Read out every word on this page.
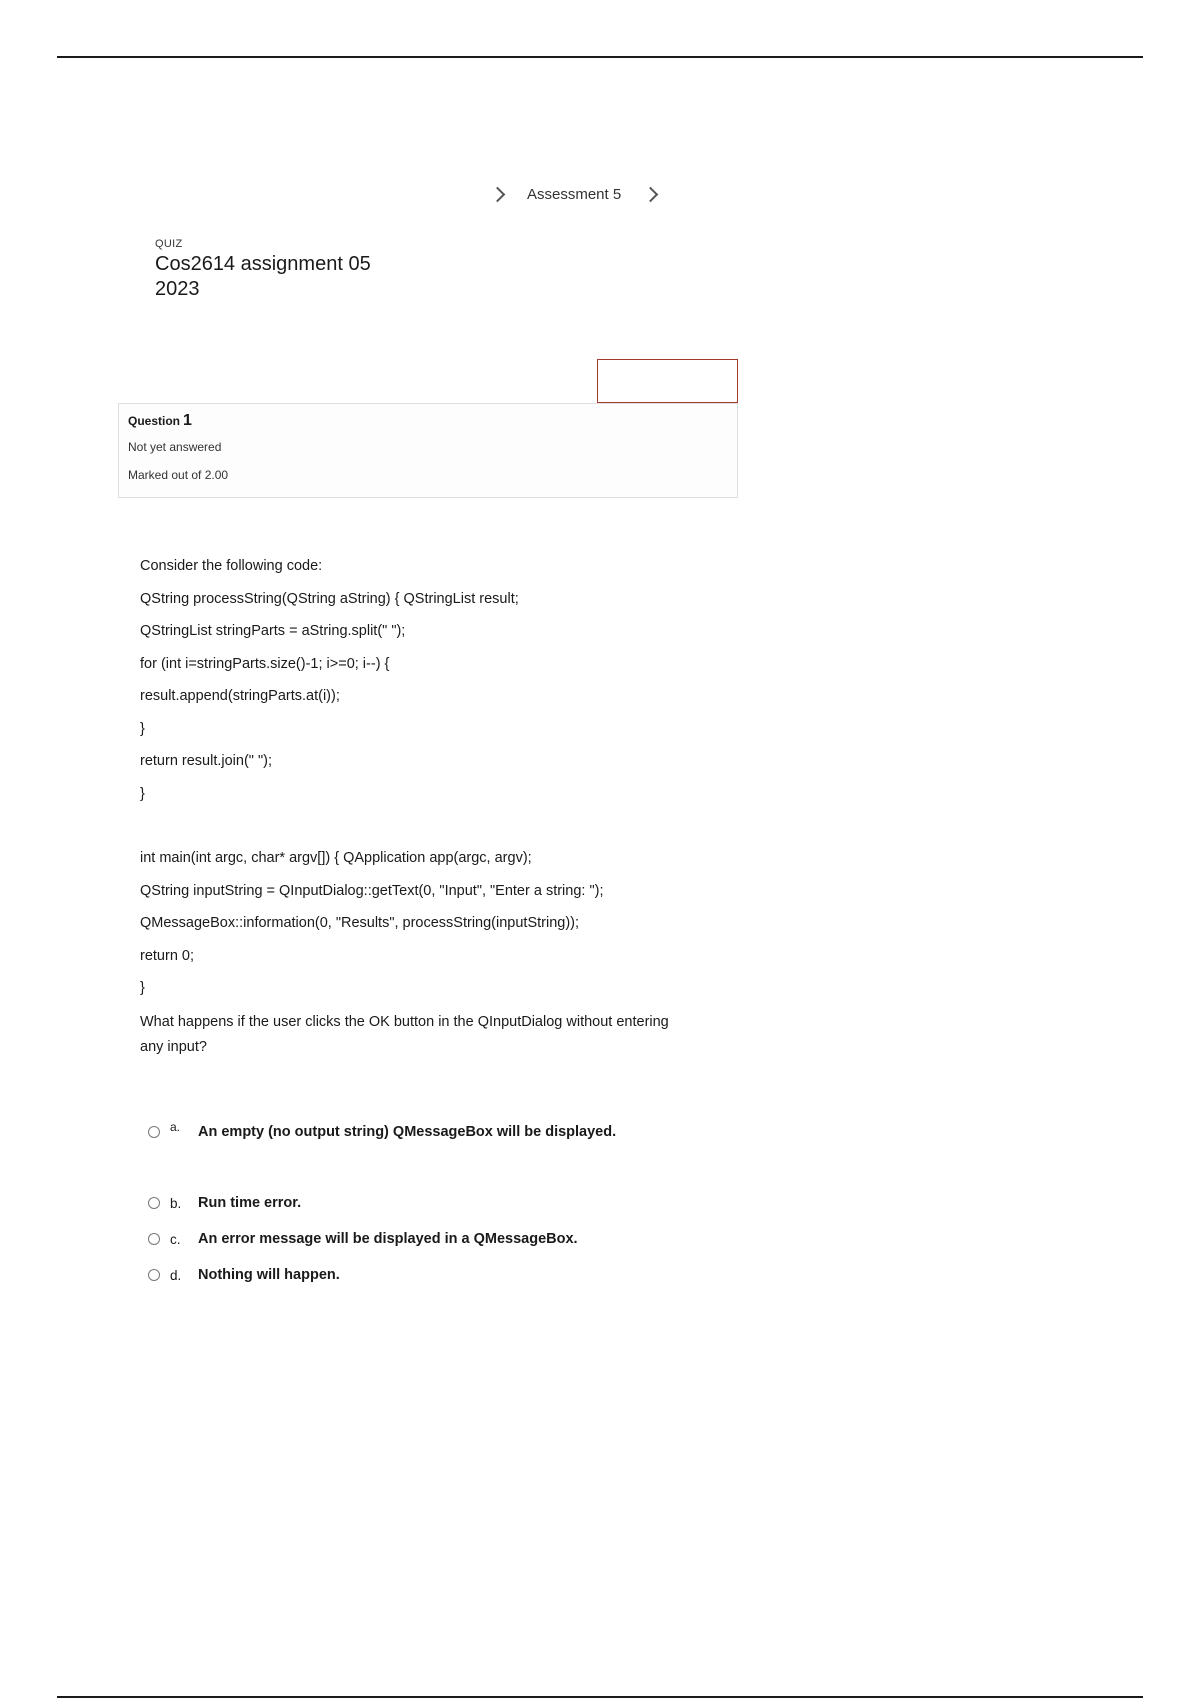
Assessment 5
QUIZ
Cos2614 assignment 05 2023
Question 1
Not yet answered
Marked out of 2.00
Consider the following code:
QString processString(QString aString) { QStringList result;
QStringList stringParts = aString.split(" ");
for (int i=stringParts.size()-1; i>=0; i--) {
result.append(stringParts.at(i));
}
return result.join(" ");
}
int main(int argc, char* argv[]) { QApplication app(argc, argv);
QString inputString = QInputDialog::getText(0, "Input", "Enter a string: ");
QMessageBox::information(0, "Results", processString(inputString));
return 0;
}
What happens if the user clicks the OK button in the QInputDialog without entering any input?
a.	An empty (no output string) QMessageBox will be displayed.
b.	Run time error.
c.	An error message will be displayed in a QMessageBox.
d.	Nothing will happen.
